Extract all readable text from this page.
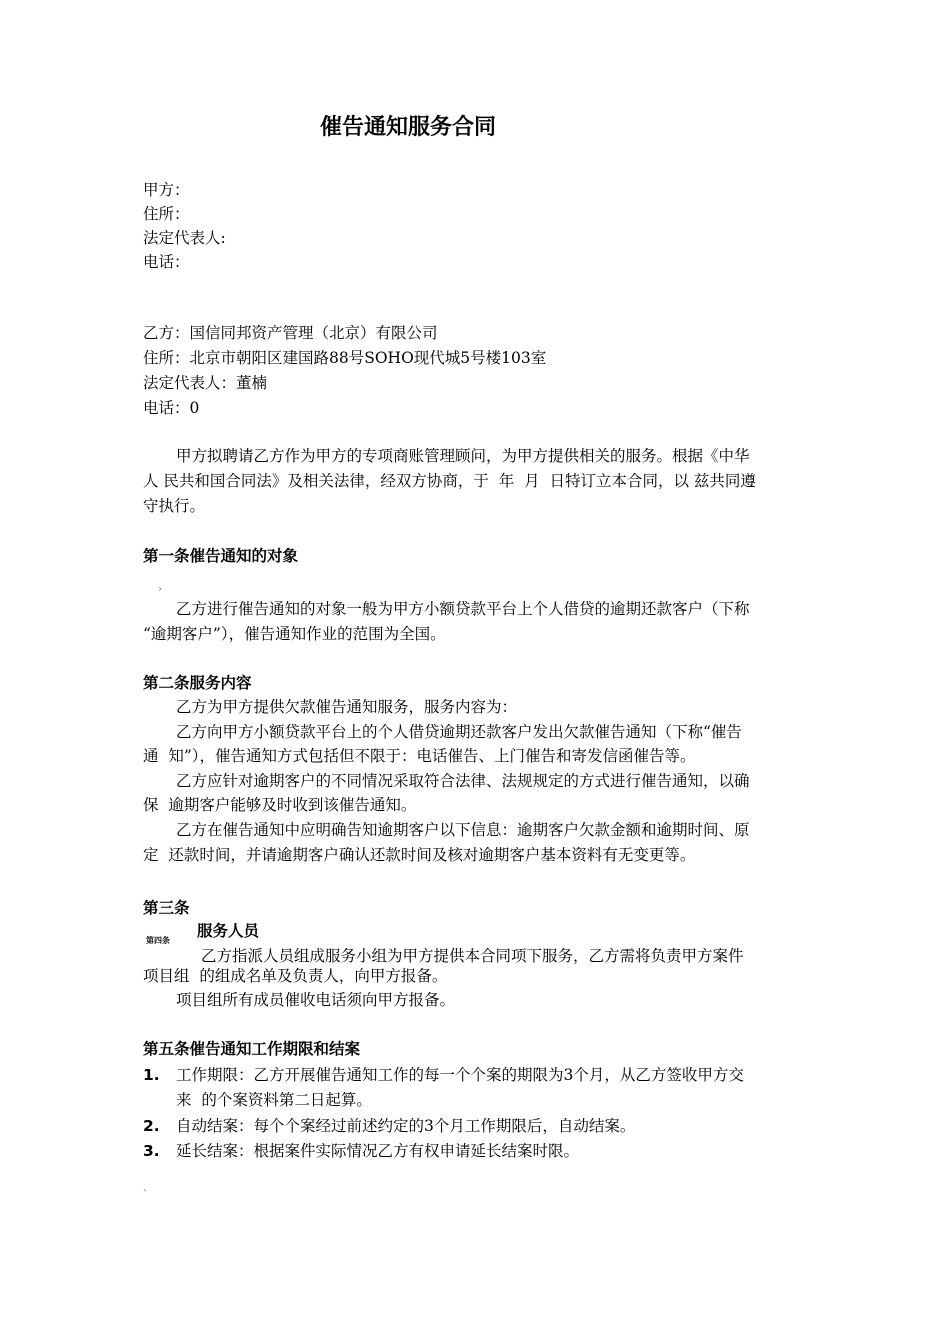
催告通知服务合同
甲方：
住所：
法定代表人:
电话：
乙方：国信同邦资产管理（北京）有限公司
住所：北京市朝阳区建国路88号SOHO现代城5号楼103室
法定代表人：董楠
电话：0
甲方拟聘请乙方作为甲方的专项商账管理顾问，为甲方提供相关的服务。根据《中华
人 民共和国合同法》及相关法律，经双方协商，于  年  月  日特订立本合同，以 兹共同遵
守执行。
第一条催告通知的对象
›
乙方进行催告通知的对象一般为甲方小额贷款平台上个人借贷的逾期还款客户（下称
“逾期客户”），催告通知作业的范围为全国。
第二条服务内容
乙方为甲方提供欠款催告通知服务，服务内容为：
乙方向甲方小额贷款平台上的个人借贷逾期还款客户发出欠款催告通知（下称“催告
通  知”），催告通知方式包括但不限于：电话催告、上门催告和寄发信函催告等。
乙方应针对逾期客户的不同情况采取符合法律、法规规定的方式进行催告通知，以确
保  逾期客户能够及时收到该催告通知。
乙方在催告通知中应明确告知逾期客户以下信息：逾期客户欠款金额和逾期时间、原
定  还款时间，并请逾期客户确认还款时间及核对逾期客户基本资料有无变更等。
第三条
第四条
服务人员
乙方指派人员组成服务小组为甲方提供本合同项下服务，乙方需将负责甲方案件
项目组  的组成名单及负责人，向甲方报备。
项目组所有成员催收电话须向甲方报备。
第五条催告通知工作期限和结案
1. 工作期限：乙方开展催告通知工作的每一个个案的期限为3个月，从乙方签收甲方交
来  的个案资料第二日起算。
2. 自动结案：每个个案经过前述约定的3个月工作期限后，自动结案。
3. 延长结案：根据案件实际情况乙方有权申请延长结案时限。
、
